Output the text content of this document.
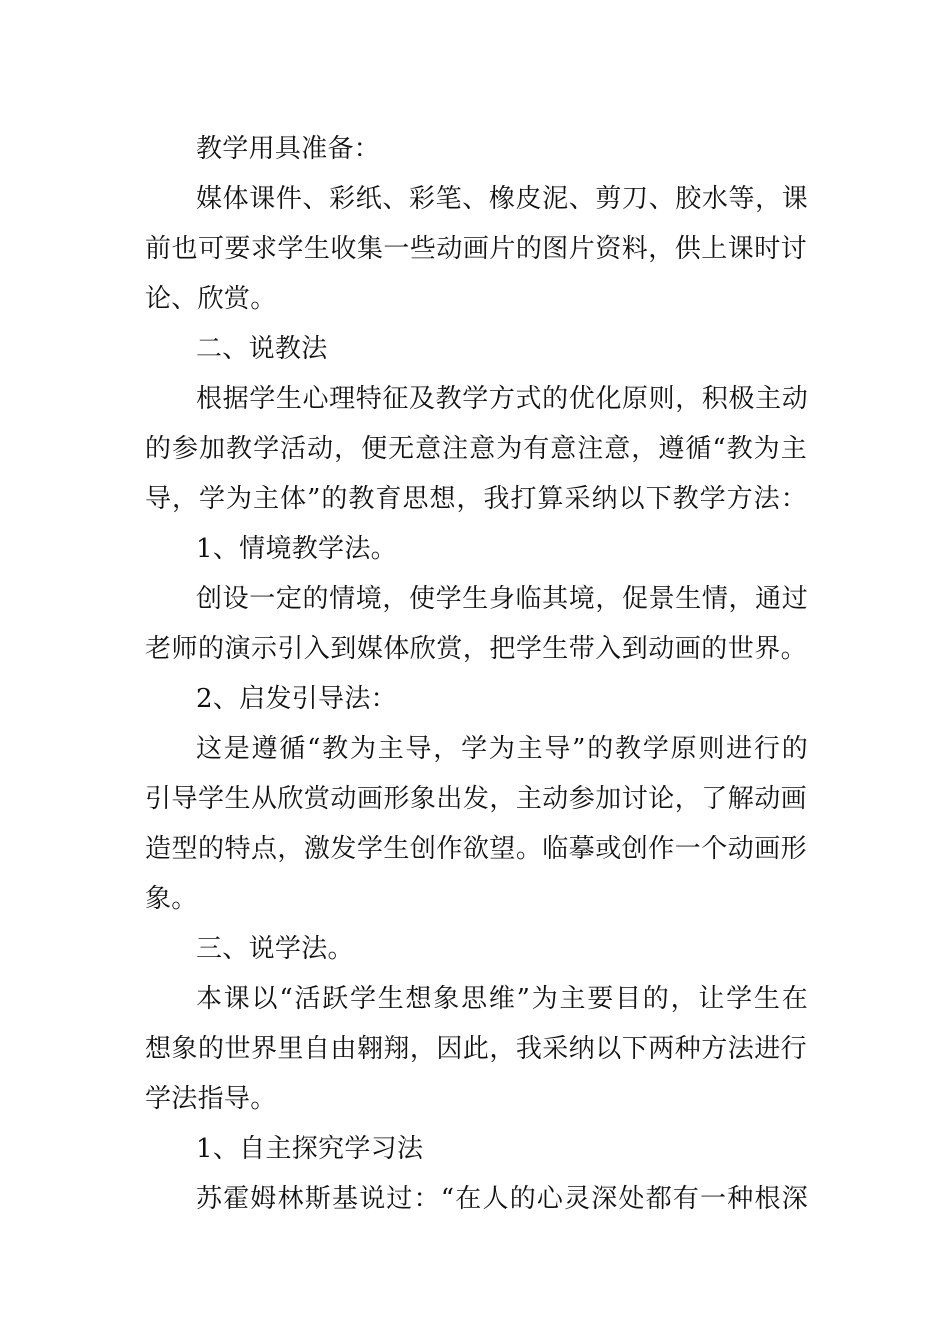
教学用具准备：
媒体课件、彩纸、彩笔、橡皮泥、剪刀、胶水等，课
前也可要求学生收集一些动画片的图片资料，供上课时讨
论、欣赏。
二、说教法
根据学生心理特征及教学方式的优化原则，积极主动
的参加教学活动，便无意注意为有意注意，遵循“教为主
导，学为主体”的教育思想，我打算采纳以下教学方法：
1、情境教学法。
创设一定的情境，使学生身临其境，促景生情，通过
老师的演示引入到媒体欣赏，把学生带入到动画的世界。
2、启发引导法：
这是遵循“教为主导，学为主导”的教学原则进行的
引导学生从欣赏动画形象出发，主动参加讨论，了解动画
造型的特点，激发学生创作欲望。临摹或创作一个动画形
象。
三、说学法。
本课以“活跃学生想象思维”为主要目的，让学生在
想象的世界里自由翱翔，因此，我采纳以下两种方法进行
学法指导。
1、自主探究学习法
苏霍姆林斯基说过：“在人的心灵深处都有一种根深
